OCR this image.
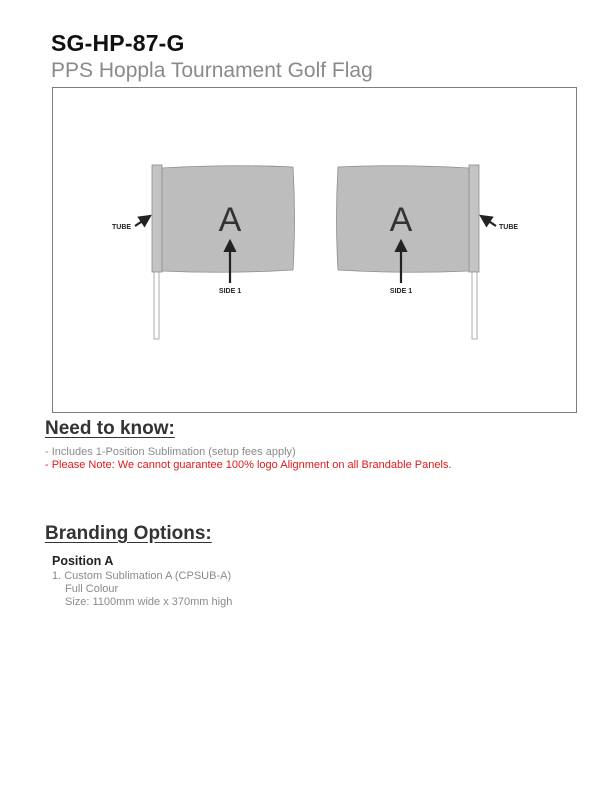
SG-HP-87-G
PPS Hoppla Tournament Golf Flag
A
SIDE 1
TUBE	A
SIDE 1
TUBE
Need to know:
- Includes 1-Position Sublimation (setup fees apply)
- Please Note: We cannot guarantee 100% logo Alignment on all Brandable Panels.
Branding Options:
Position A
1. Custom Sublimation A (CPSUB-A)
Full Colour
Size: 1100mm wide x 370mm high
